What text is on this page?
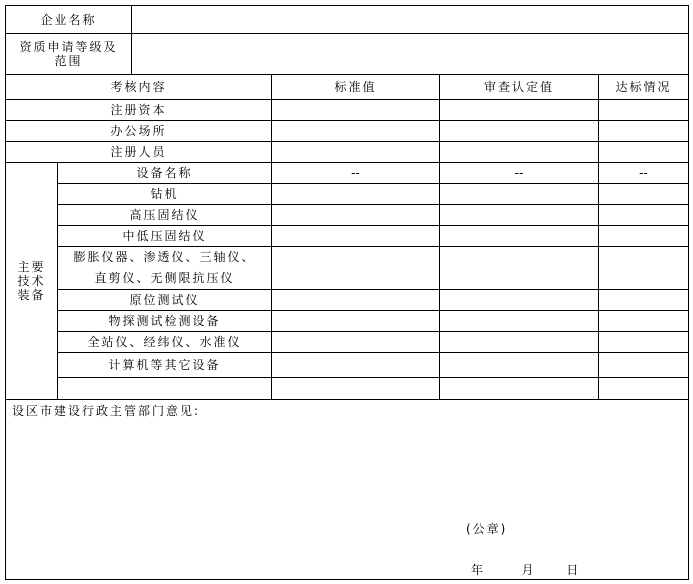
企业名称					

资质申请等级及
范围					

考核内容			标准值	审查认定值	达标情况
注册资本					
办公场所					
注册人员					

主要
技术
装备	设备名称		--	--	--
	钻机				
	高压固结仪				
	中低压固结仪				

	膨胀仪器、渗透仪、三轴仪、
直剪仪、无侧限抗压仪				

	原位测试仪				
	物探测试检测设备				
	全站仪、经纬仪、水准仪				
	计算机等其它设备				

设区市建设行政主管部门意见:
(公章)
年 月 日					
